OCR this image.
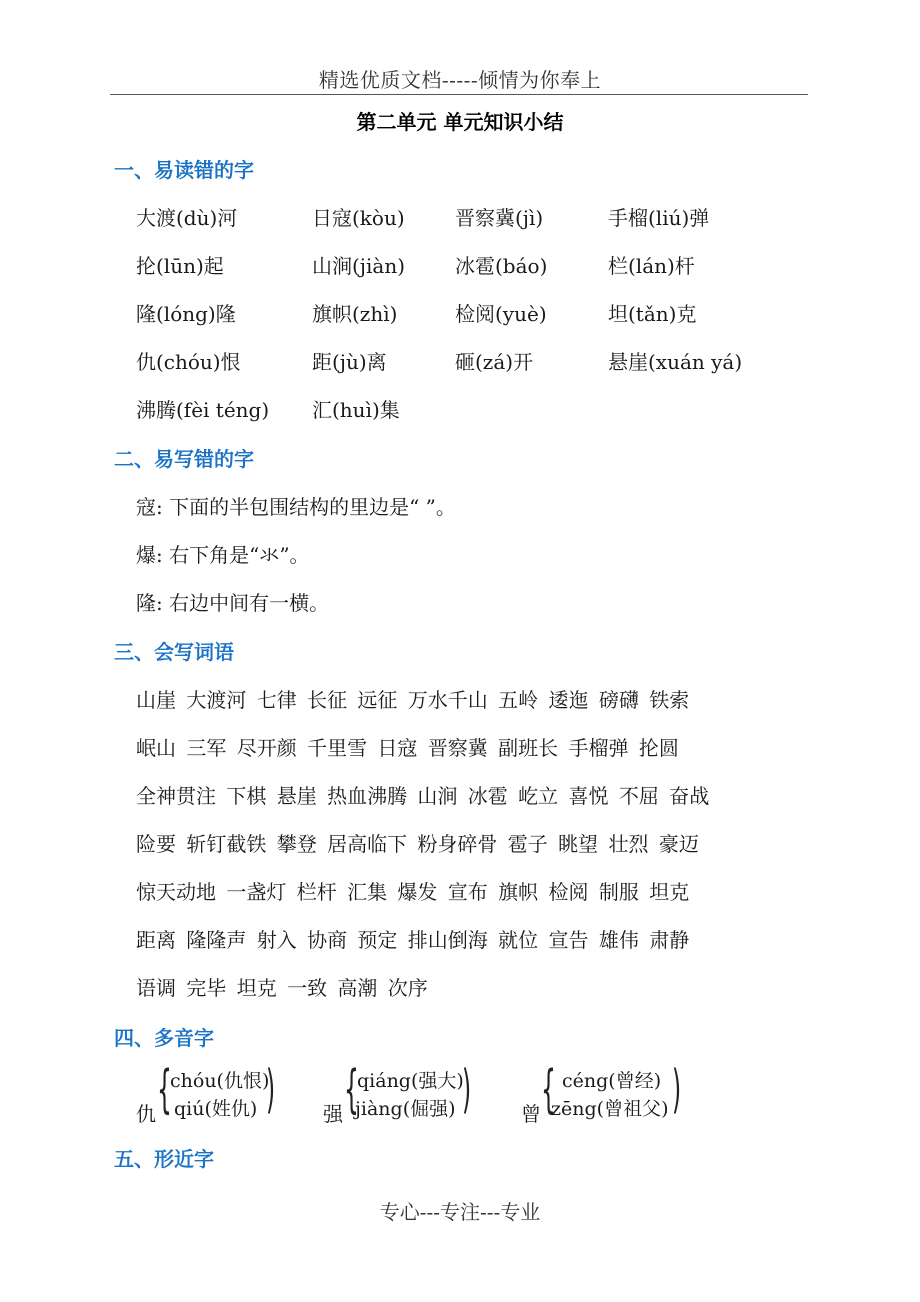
精选优质文档-----倾情为你奉上
第二单元 单元知识小结
一、易读错的字
大渡(dù)河	日寇(kòu)	晋察冀(jì)	手榴(liú)弹
抡(lūn)起	山涧(jiàn) 冰雹(báo)	栏(lán)杆
隆(lóng)隆	旗帜(zhì)	检阅(yuè)	坦(tǎn)克
仇(chóu)恨	距(jù)离	砸(zá)开	悬崖(xuán yá)
沸腾(fèi téng) 汇(huì)集
二、易写错的字
寇: 下面的半包围结构的里边是“ ”。
爆: 右下角是“氺”。
隆: 右边中间有一横。
三、会写词语
山崖 大渡河 七律 长征 远征 万水千山 五岭 逶迤 磅礴 铁索
岷山 三军 尽开颜 千里雪 日寇 晋察冀 副班长 手榴弹 抡圆
全神贯注 下棋 悬崖 热血沸腾 山涧 冰雹 屹立 喜悦 不屈 奋战
险要 斩钉截铁 攀登 居高临下 粉身碎骨 雹子 眺望 壮烈 豪迈
惊天动地 一盏灯 栏杆 汇集 爆发 宣布 旗帜 检阅 制服 坦克
距离 隆隆声 射入 协商 预定 排山倒海 就位 宣告 雄伟 肃静
语调 完毕 坦克 一致 高潮 次序
四、多音字
仇 {
chóu(仇恨)
qiú(姓仇) ) 强 {
qiáng(强大)
jiàng(倔强) ) 曾 { céng(曾经)
zēng(曾祖父) )
五、形近字
专心---专注---专业
